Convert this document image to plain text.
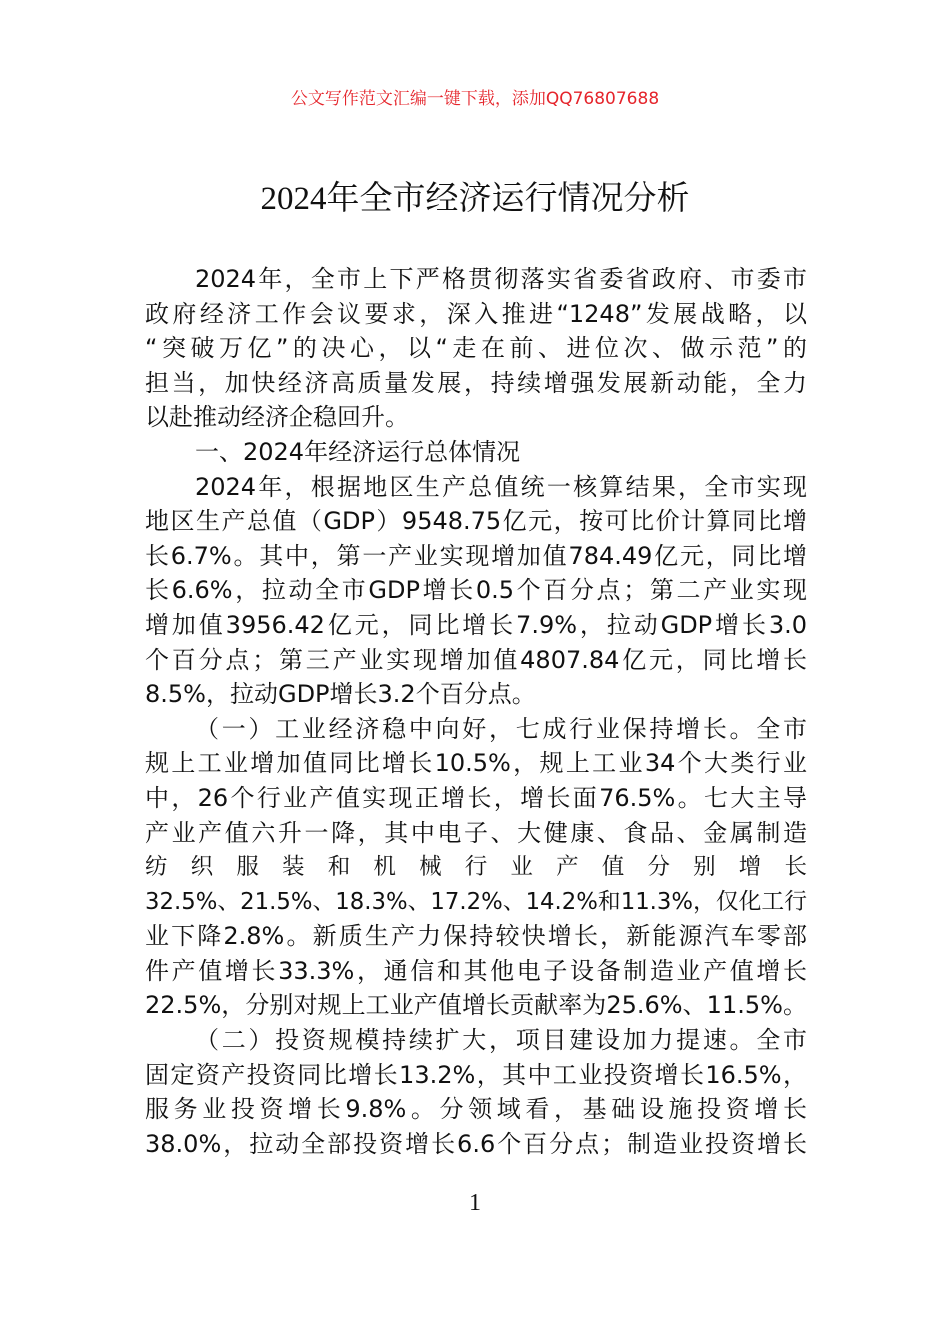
公文写作范文汇编一键下载，添加QQ76807688
2024年全市经济运行情况分析
2024年，全市上下严格贯彻落实省委省政府、市委市
政府经济工作会议要求，深入推进“1248”发展战略，以
“突破万亿”的决心，以“走在前、进位次、做示范”的
担当，加快经济高质量发展，持续增强发展新动能，全力
以赴推动经济企稳回升。
一、2024年经济运行总体情况
2024年，根据地区生产总值统一核算结果，全市实现
地区生产总值（GDP）9548.75亿元，按可比价计算同比增
长6.7%。其中，第一产业实现增加值784.49亿元，同比增
长6.6%，拉动全市GDP增长0.5个百分点；第二产业实现
增加值3956.42亿元，同比增长7.9%，拉动GDP增长3.0
个百分点；第三产业实现增加值4807.84亿元，同比增长
8.5%，拉动GDP增长3.2个百分点。
（一）工业经济稳中向好，七成行业保持增长。全市
规上工业增加值同比增长10.5%，规上工业34个大类行业
中，26个行业产值实现正增长，增长面76.5%。七大主导
产业产值六升一降，其中电子、大健康、食品、金属制造
纺织服装和机械行业产值分别增长
32.5%、21.5%、18.3%、17.2%、14.2%和11.3%，仅化工行
业下降2.8%。新质生产力保持较快增长，新能源汽车零部
件产值增长33.3%，通信和其他电子设备制造业产值增长
22.5%，分别对规上工业产值增长贡献率为25.6%、11.5%。
（二）投资规模持续扩大，项目建设加力提速。全市
固定资产投资同比增长13.2%，其中工业投资增长16.5%，
服务业投资增长9.8%。分领域看，基础设施投资增长
38.0%，拉动全部投资增长6.6个百分点；制造业投资增长
1
